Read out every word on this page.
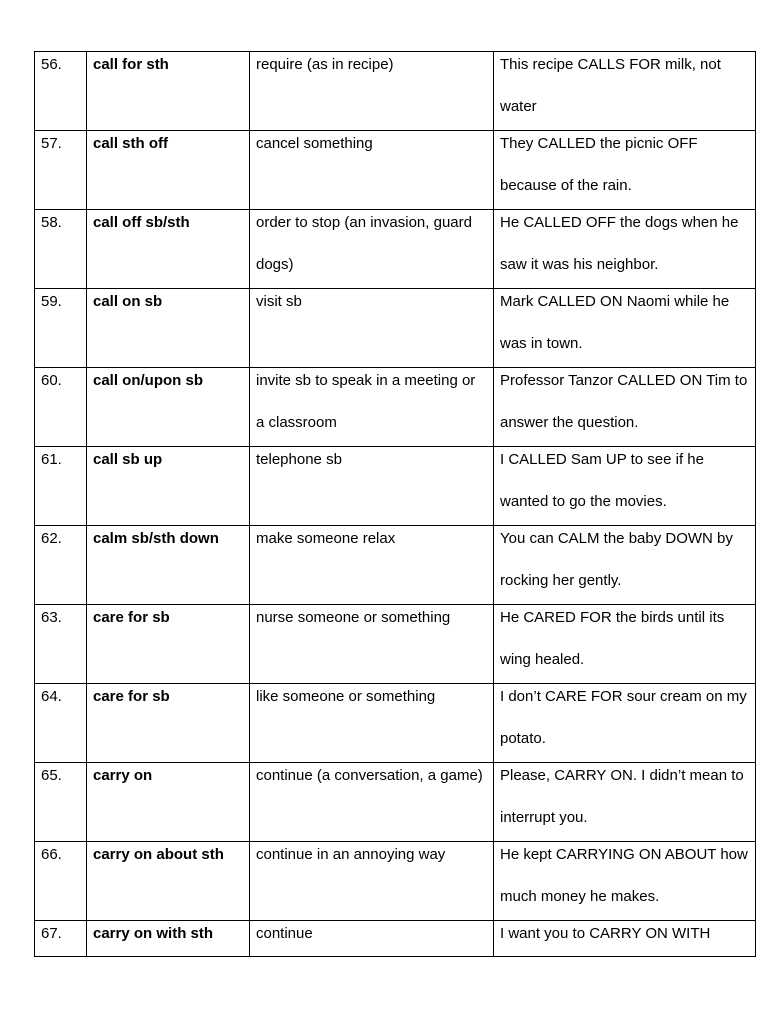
56.	call for sth	require (as in recipe)	This recipe CALLS FOR milk, not water

57.	call sth off	cancel something	They CALLED the picnic OFF because of the rain.

58.	call off sb/sth	order to stop (an invasion, guard dogs)	He CALLED OFF the dogs when he saw it was his neighbor.

59.	call on sb	visit sb	Mark CALLED ON Naomi while he was in town.

60.	call on/upon sb	invite sb to speak in a meeting or a classroom	Professor Tanzor CALLED ON Tim to answer the question.

61.	call sb up	telephone sb	I CALLED Sam UP to see if he wanted to go the movies.

62.	calm sb/sth down	make someone relax	You can CALM the baby DOWN by rocking her gently.

63.	care for sb	nurse someone or something	He CARED FOR the birds until its wing healed.

64.	care for sb	like someone or something	I don’t CARE FOR sour cream on my potato.

65.	carry on	continue (a conversation, a game)	Please, CARRY ON. I didn’t mean to interrupt you.

66.	carry on about sth	continue in an annoying way	He kept CARRYING ON ABOUT how much money he makes.

67.	carry on with sth	continue	I want you to CARRY ON WITH
